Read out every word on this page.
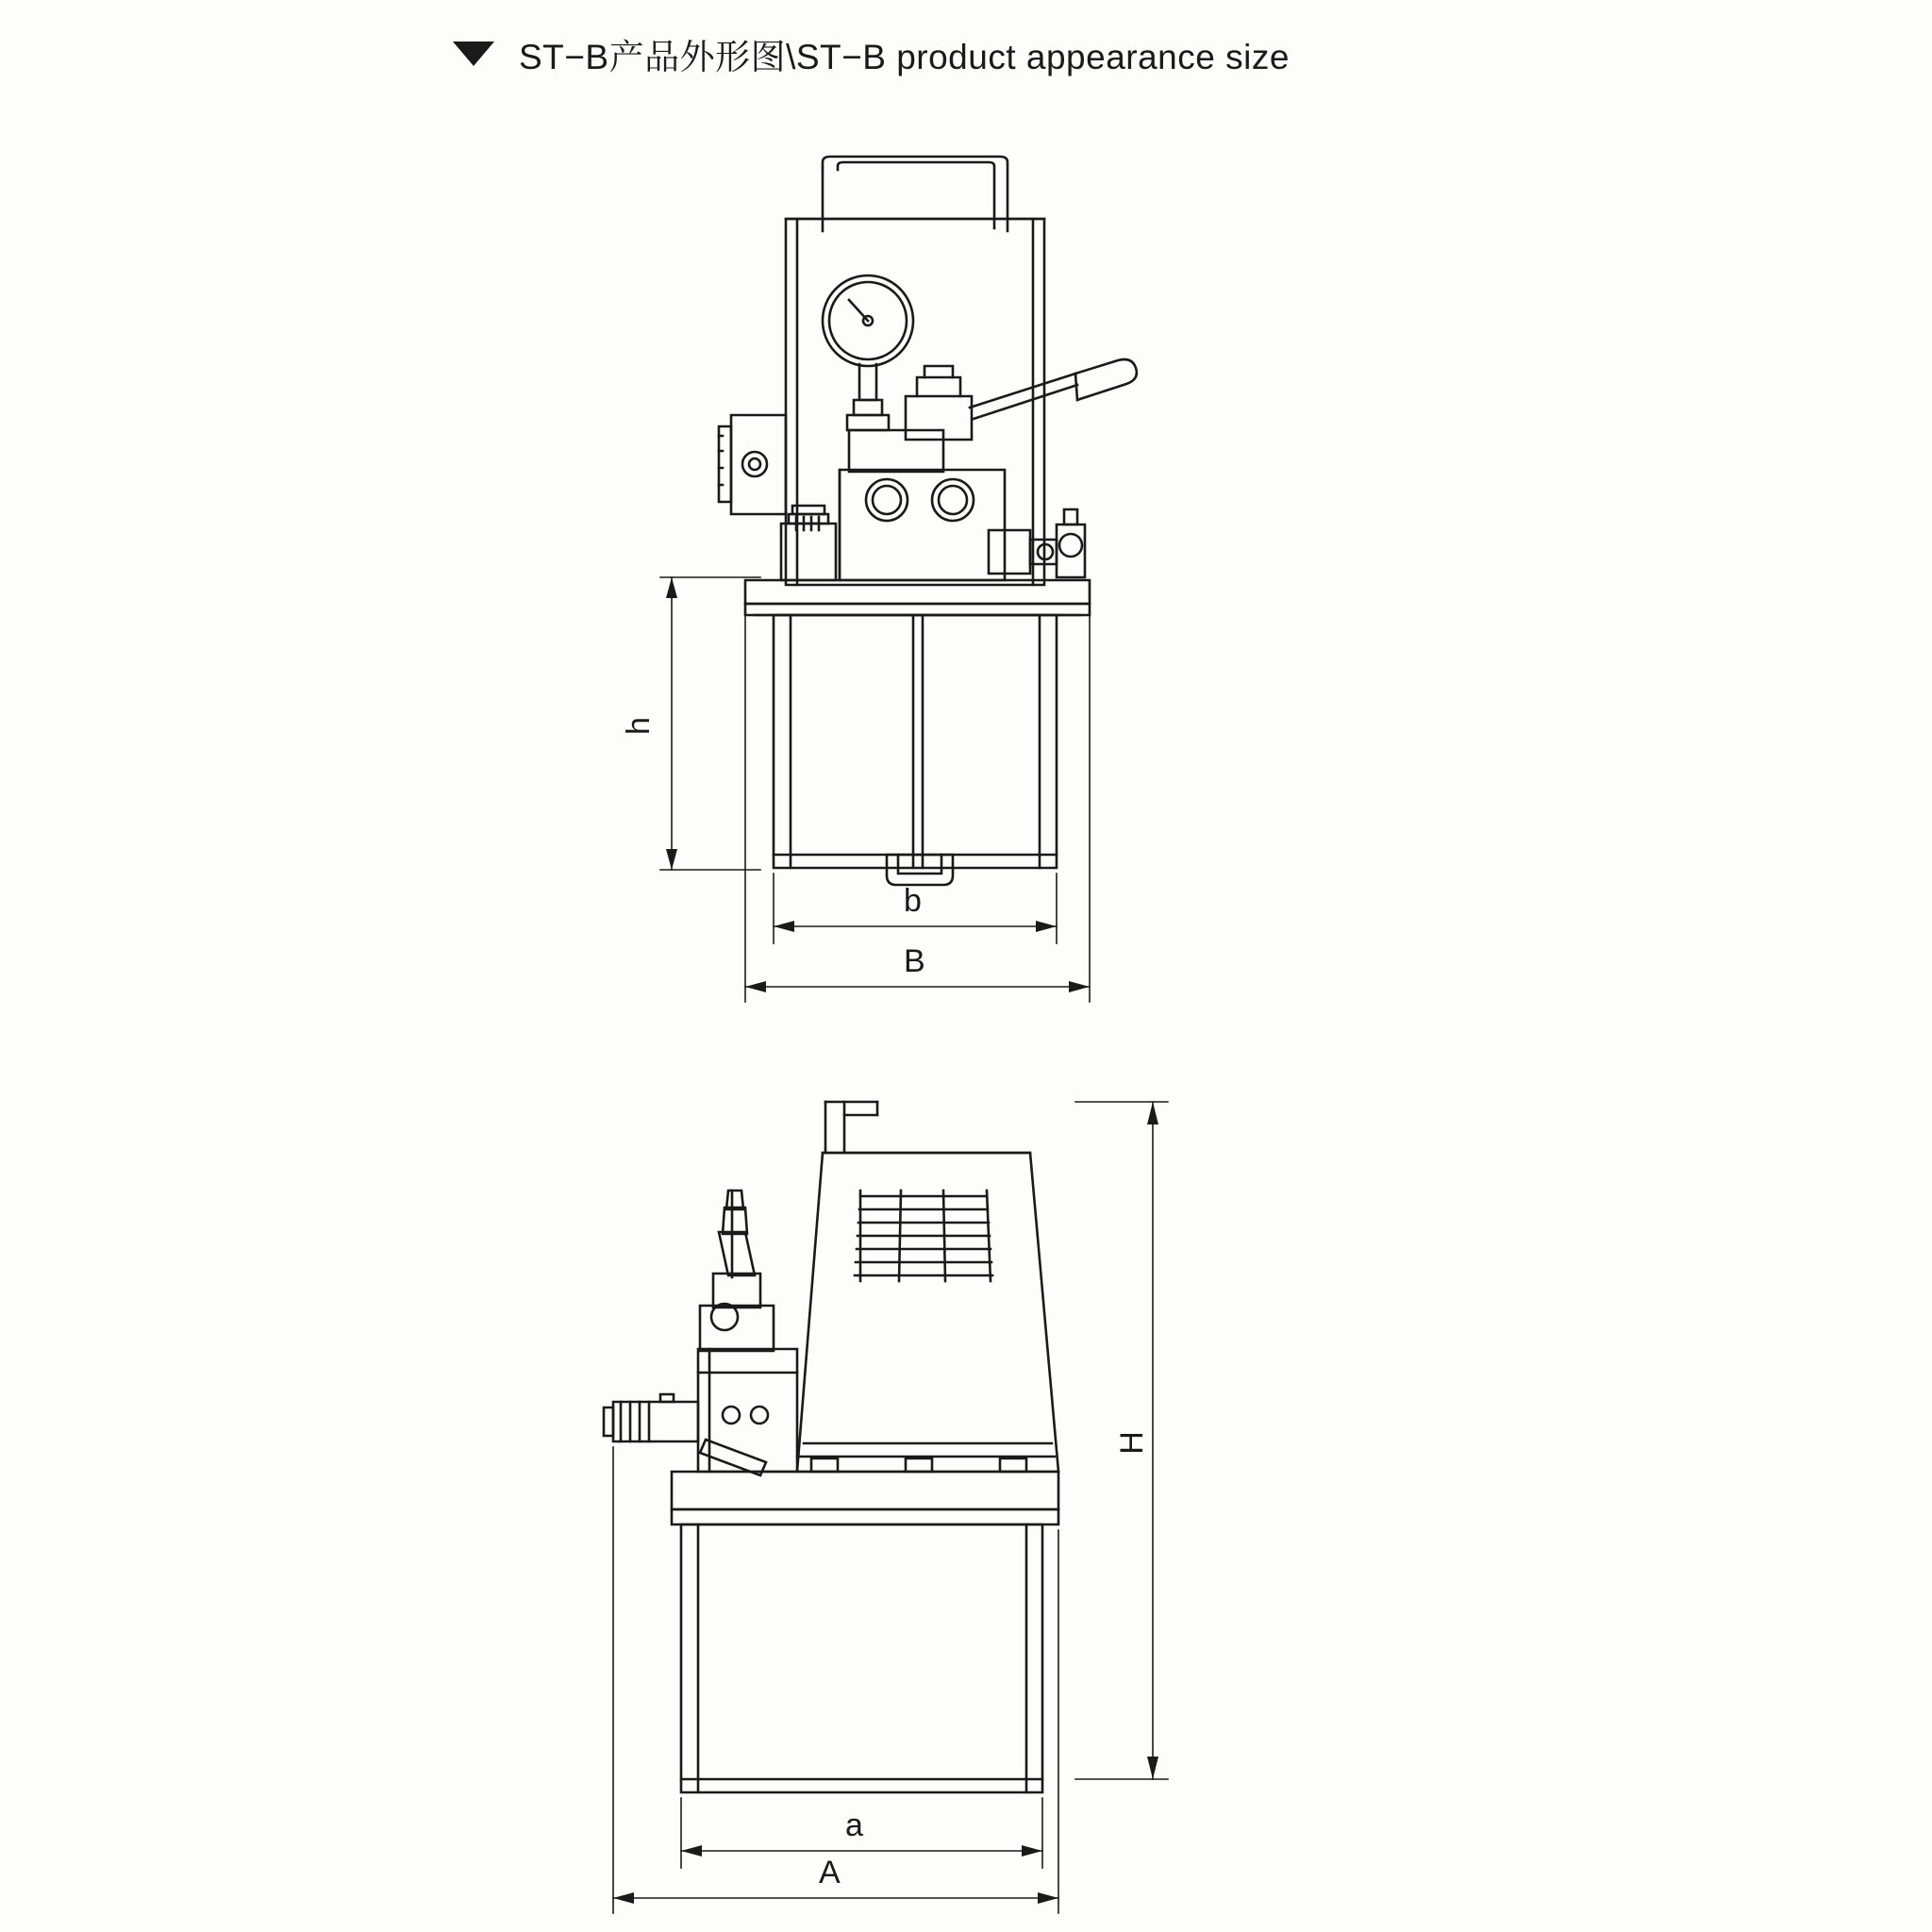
ST−B产品外形图\ST−B product appearance size
h
b
B
H
a
A
